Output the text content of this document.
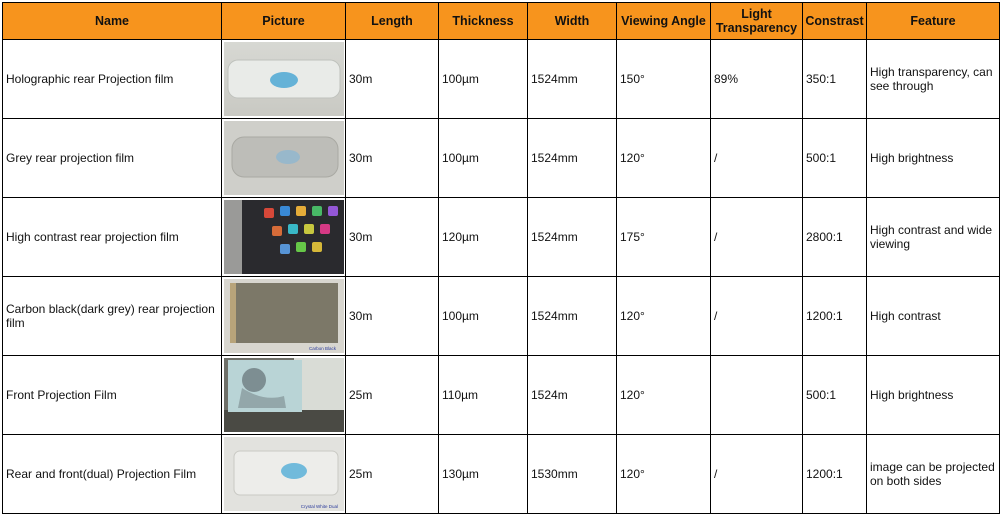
Name	Picture	Length	Thickness	Width	Viewing Angle	Light Transparency	Constrast	Feature
Holographic rear Projection film		30m	100µm	1524mm	150°	89%	350:1	High transparency, can see through
Grey rear projection film		30m	100µm	1524mm	120°	/	500:1	High brightness
High contrast rear projection film		30m	120µm	1524mm	175°	/	2800:1	High contrast and wide viewing
Carbon black(dark grey) rear projection film	Carbon Black	30m	100µm	1524mm	120°	/	1200:1	High contrast
Front Projection Film		25m	110µm	1524m	120°		500:1	High brightness
Rear and front(dual) Projection Film	Crystal White Dual	25m	130µm	1530mm	120°	/	1200:1	image can be projected on both sides
